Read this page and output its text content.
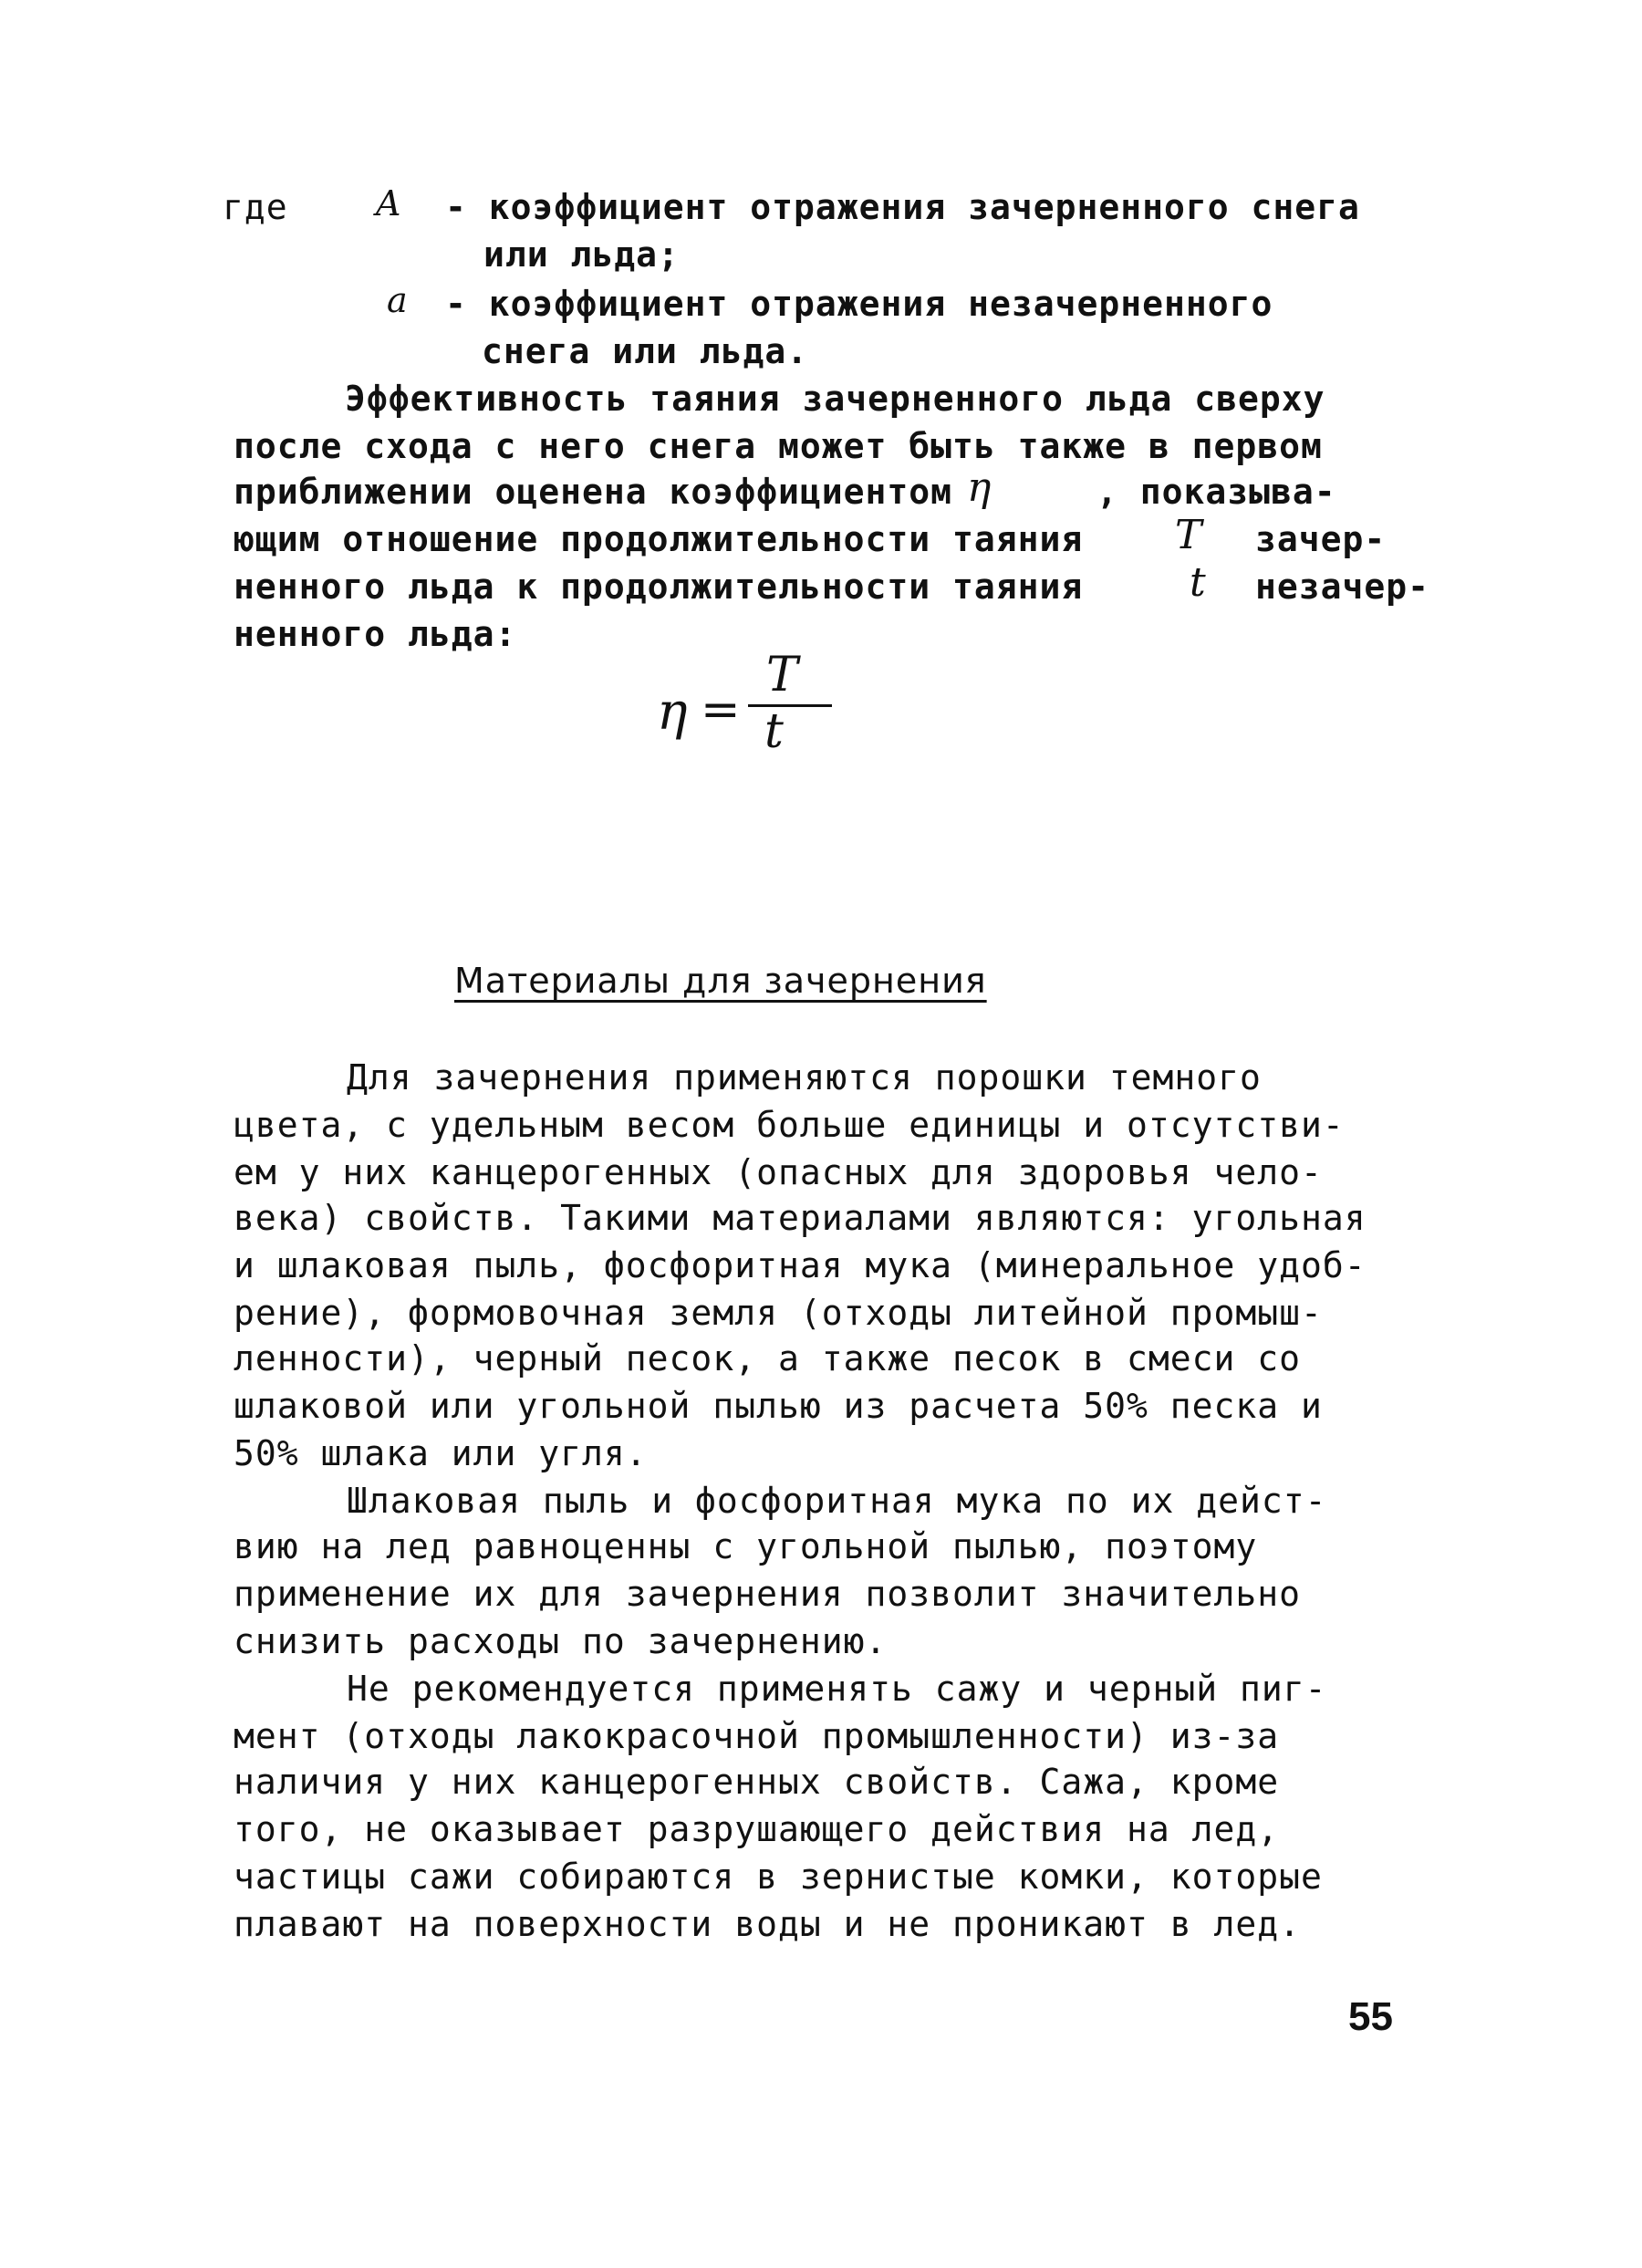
где	A - коэффициент отражения зачерненного снега
или льда;
a - коэффициент отражения незачерненного
снега или льда.
Эффективность таяния зачерненного льда сверху
после схода с него снега может быть также в первом
приближении оценена коэффициентом η	, показыва-
ющим отношение продолжительности таяния T зачер-
ненного льда к продолжительности таяния	t незачер-
ненного льда:
η =
T
t
Материалы для зачернения
Для зачернения применяются порошки темного
цвета, с удельным весом больше единицы и отсутстви-
ем у них канцерогенных (опасных для здоровья чело-
века) свойств. Такими материалами являются: угольная
и шлаковая пыль, фосфоритная мука (минеральное удоб-
рение), формовочная земля (отходы литейной промыш-
ленности), черный песок, а также песок в смеси со
шлаковой или угольной пылью из расчета 50% песка и
50% шлака или угля.
Шлаковая пыль и фосфоритная мука по их дейст-
вию на лед равноценны с угольной пылью, поэтому
применение их для зачернения позволит значительно
снизить расходы по зачернению.
Не рекомендуется применять сажу и черный пиг-
мент (отходы лакокрасочной промышленности) из-за
наличия у них канцерогенных свойств. Сажа, кроме
того, не оказывает разрушающего действия на лед,
частицы сажи собираются в зернистые комки, которые
плавают на поверхности воды и не проникают в лед.
55
